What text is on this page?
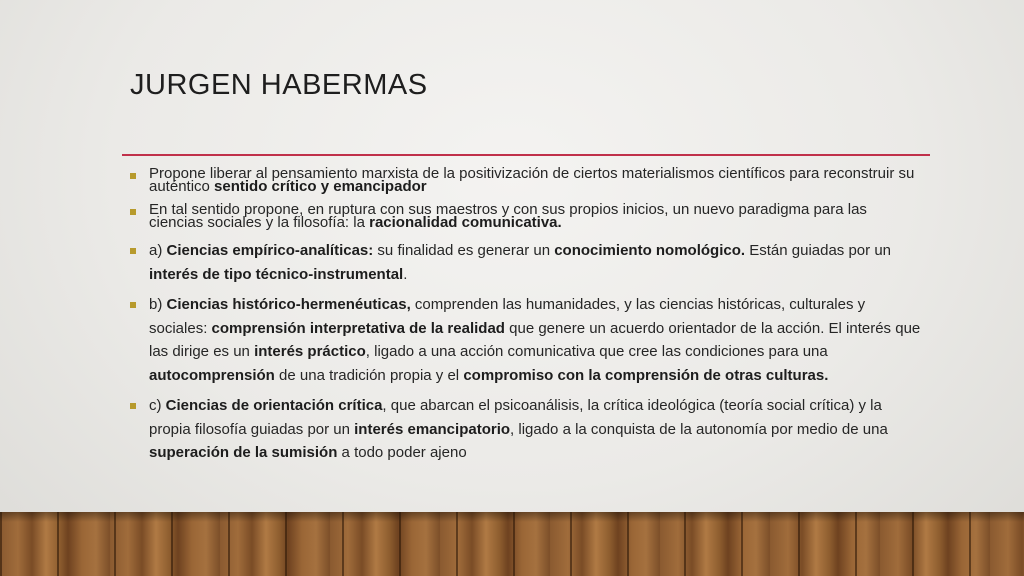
JURGEN HABERMAS
Propone liberar al pensamiento marxista de la positivización de ciertos materialismos científicos para reconstruir su auténtico sentido crítico y emancipador
En tal sentido propone, en ruptura con sus maestros y con sus propios inicios, un nuevo paradigma para las ciencias sociales y la filosofía: la racionalidad comunicativa.
a) Ciencias empírico-analíticas: su finalidad es generar un conocimiento nomológico. Están guiadas por un interés de tipo técnico-instrumental.
b) Ciencias histórico-hermenéuticas, comprenden las humanidades, y las ciencias históricas, culturales y sociales: comprensión interpretativa de la realidad que genere un acuerdo orientador de la acción. El interés que las dirige es un interés práctico, ligado a una acción comunicativa que cree las condiciones para una autocomprensión de una tradición propia y el compromiso con la comprensión de otras culturas.
c) Ciencias de orientación crítica, que abarcan el psicoanálisis, la crítica ideológica (teoría social crítica) y la propia filosofía guiadas por un interés emancipatorio, ligado a la conquista de la autonomía por medio de una superación de la sumisión a todo poder ajeno
